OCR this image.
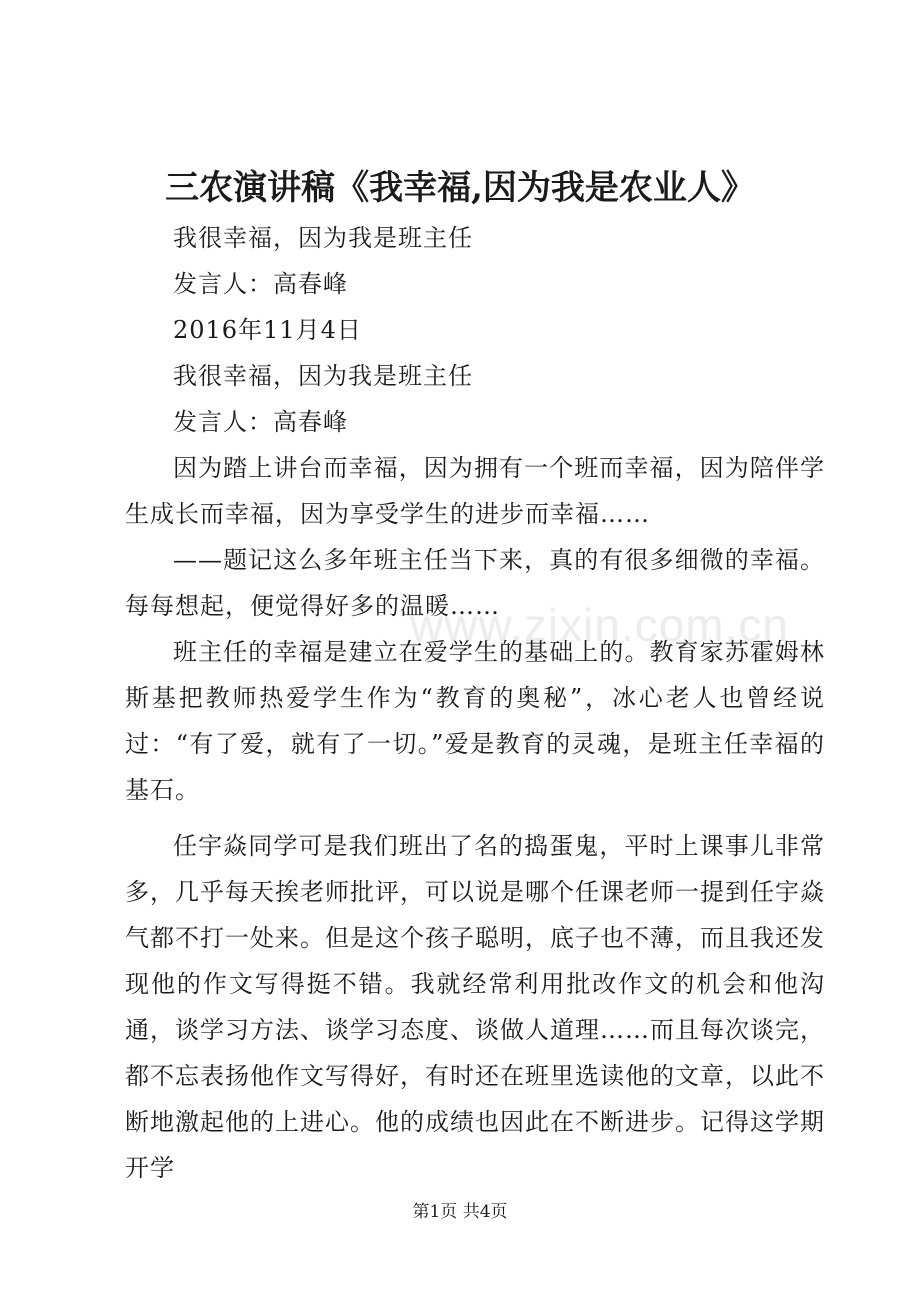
三农演讲稿《我幸福,因为我是农业人》

我很幸福，因为我是班主任

发言人：高春峰

2016年11月4日

我很幸福，因为我是班主任

发言人：高春峰

因为踏上讲台而幸福，因为拥有一个班而幸福，因为陪伴学生成长而幸福，因为享受学生的进步而幸福……

——题记这么多年班主任当下来，真的有很多细微的幸福。每每想起，便觉得好多的温暖……

班主任的幸福是建立在爱学生的基础上的。教育家苏霍姆林斯基把教师热爱学生作为“教育的奥秘”，冰心老人也曾经说过：“有了爱，就有了一切。”爱是教育的灵魂，是班主任幸福的基石。

任宇焱同学可是我们班出了名的捣蛋鬼，平时上课事儿非常多，几乎每天挨老师批评，可以说是哪个任课老师一提到任宇焱气都不打一处来。但是这个孩子聪明，底子也不薄，而且我还发现他的作文写得挺不错。我就经常利用批改作文的机会和他沟通，谈学习方法、谈学习态度、谈做人道理……而且每次谈完，都不忘表扬他作文写得好，有时还在班里选读他的文章，以此不断地激起他的上进心。他的成绩也因此在不断进步。记得这学期开学

www.zixin.com.cn
第1页 共4页
